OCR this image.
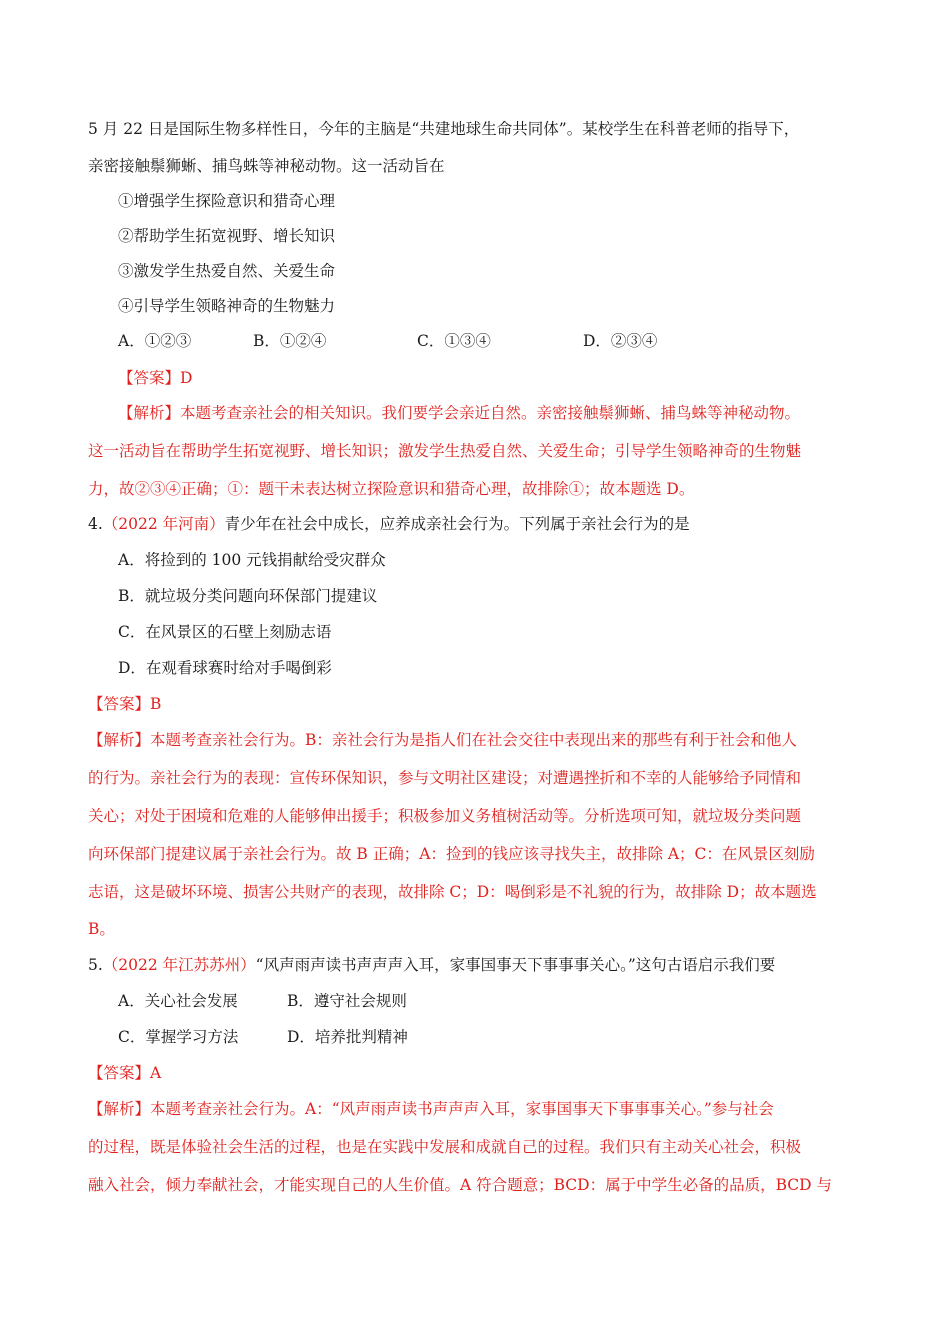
5 月 22 日是国际生物多样性日，今年的主脑是“共建地球生命共同体”。某校学生在科普老师的指导下，
亲密接触鬃狮蜥、捕鸟蛛等神秘动物。这一活动旨在
①增强学生探险意识和猎奇心理
②帮助学生拓宽视野、增长知识
③激发学生热爱自然、关爱生命
④引导学生领略神奇的生物魅力
A．①②③	B．①②④	C．①③④	D．②③④
【答案】D
【解析】本题考查亲社会的相关知识。我们要学会亲近自然。亲密接触鬃狮蜥、捕鸟蛛等神秘动物。
这一活动旨在帮助学生拓宽视野、增长知识；激发学生热爱自然、关爱生命；引导学生领略神奇的生物魅
力，故②③④正确；①：题干未表达树立探险意识和猎奇心理，故排除①；故本题选 D。
4.（2022 年河南）青少年在社会中成长，应养成亲社会行为。下列属于亲社会行为的是
A．将捡到的 100 元钱捐献给受灾群众
B．就垃圾分类问题向环保部门提建议
C．在风景区的石壁上刻励志语
D．在观看球赛时给对手喝倒彩
【答案】B
【解析】本题考查亲社会行为。B：亲社会行为是指人们在社会交往中表现出来的那些有利于社会和他人
的行为。亲社会行为的表现：宣传环保知识，参与文明社区建设；对遭遇挫折和不幸的人能够给予同情和
关心；对处于困境和危难的人能够伸出援手；积极参加义务植树活动等。分析选项可知，就垃圾分类问题
向环保部门提建议属于亲社会行为。故 B 正确；A：捡到的钱应该寻找失主，故排除 A；C：在风景区刻励
志语，这是破坏环境、损害公共财产的表现，故排除 C；D：喝倒彩是不礼貌的行为，故排除 D；故本题选
B。
5.（2022 年江苏苏州）“风声雨声读书声声声入耳，家事国事天下事事事关心。”这句古语启示我们要
A．关心社会发展	B．遵守社会规则
C．掌握学习方法	D．培养批判精神
【答案】A
【解析】本题考查亲社会行为。A：“风声雨声读书声声声入耳，家事国事天下事事事关心。”参与社会
的过程，既是体验社会生活的过程，也是在实践中发展和成就自己的过程。我们只有主动关心社会，积极
融入社会，倾力奉献社会，才能实现自己的人生价值。A 符合题意；BCD：属于中学生必备的品质，BCD 与
